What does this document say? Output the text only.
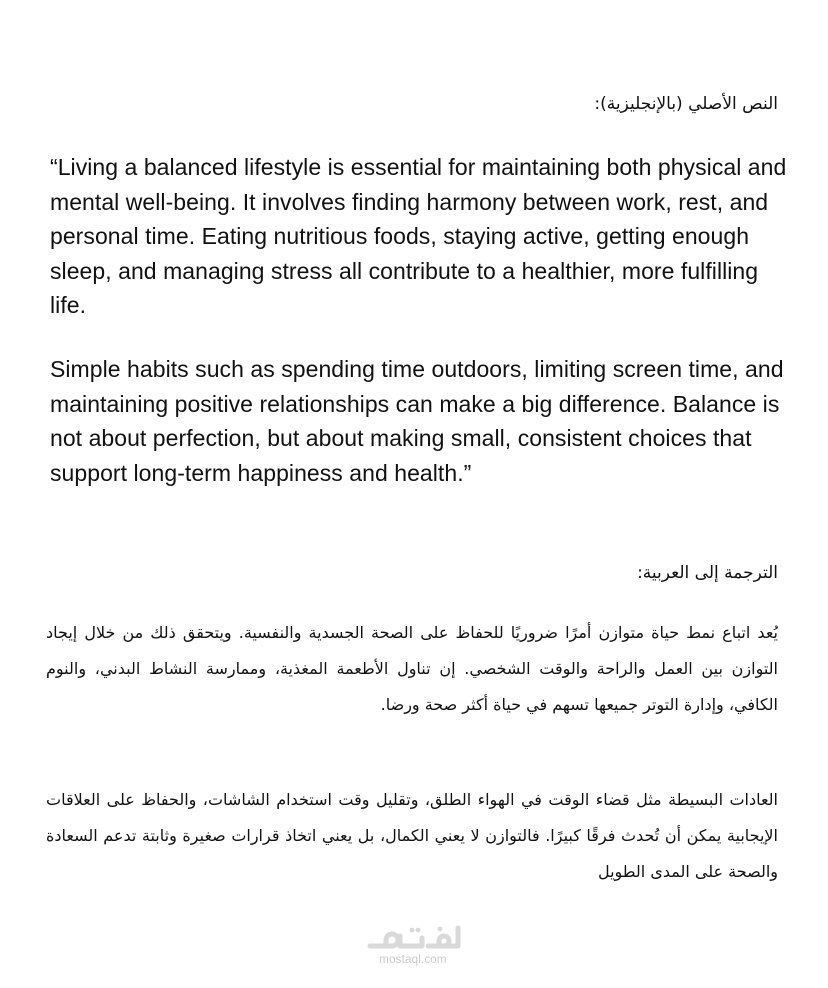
النص الأصلي (بالإنجليزية):

“Living a balanced lifestyle is essential for maintaining both physical and mental well-being. It involves finding harmony between work, rest, and personal time. Eating nutritious foods, staying active, getting enough sleep, and managing stress all contribute to a healthier, more fulfilling life.

Simple habits such as spending time outdoors, limiting screen time, and maintaining positive relationships can make a big difference. Balance is not about perfection, but about making small, consistent choices that support long-term happiness and health.”

الترجمة إلى العربية:

يُعد اتباع نمط حياة متوازن أمرًا ضروريًا للحفاظ على الصحة الجسدية والنفسية. ويتحقق ذلك من خلال إيجاد التوازن بين العمل والراحة والوقت الشخصي. إن تناول الأطعمة المغذية، وممارسة النشاط البدني، والنوم الكافي، وإدارة التوتر جميعها تسهم في حياة أكثر صحة ورضا.

العادات البسيطة مثل قضاء الوقت في الهواء الطلق، وتقليل وقت استخدام الشاشات، والحفاظ على العلاقات الإيجابية يمكن أن تُحدث فرقًا كبيرًا. فالتوازن لا يعني الكمال، بل يعني اتخاذ قرارات صغيرة وثابتة تدعم السعادة والصحة على المدى الطويل

mostaql.com
